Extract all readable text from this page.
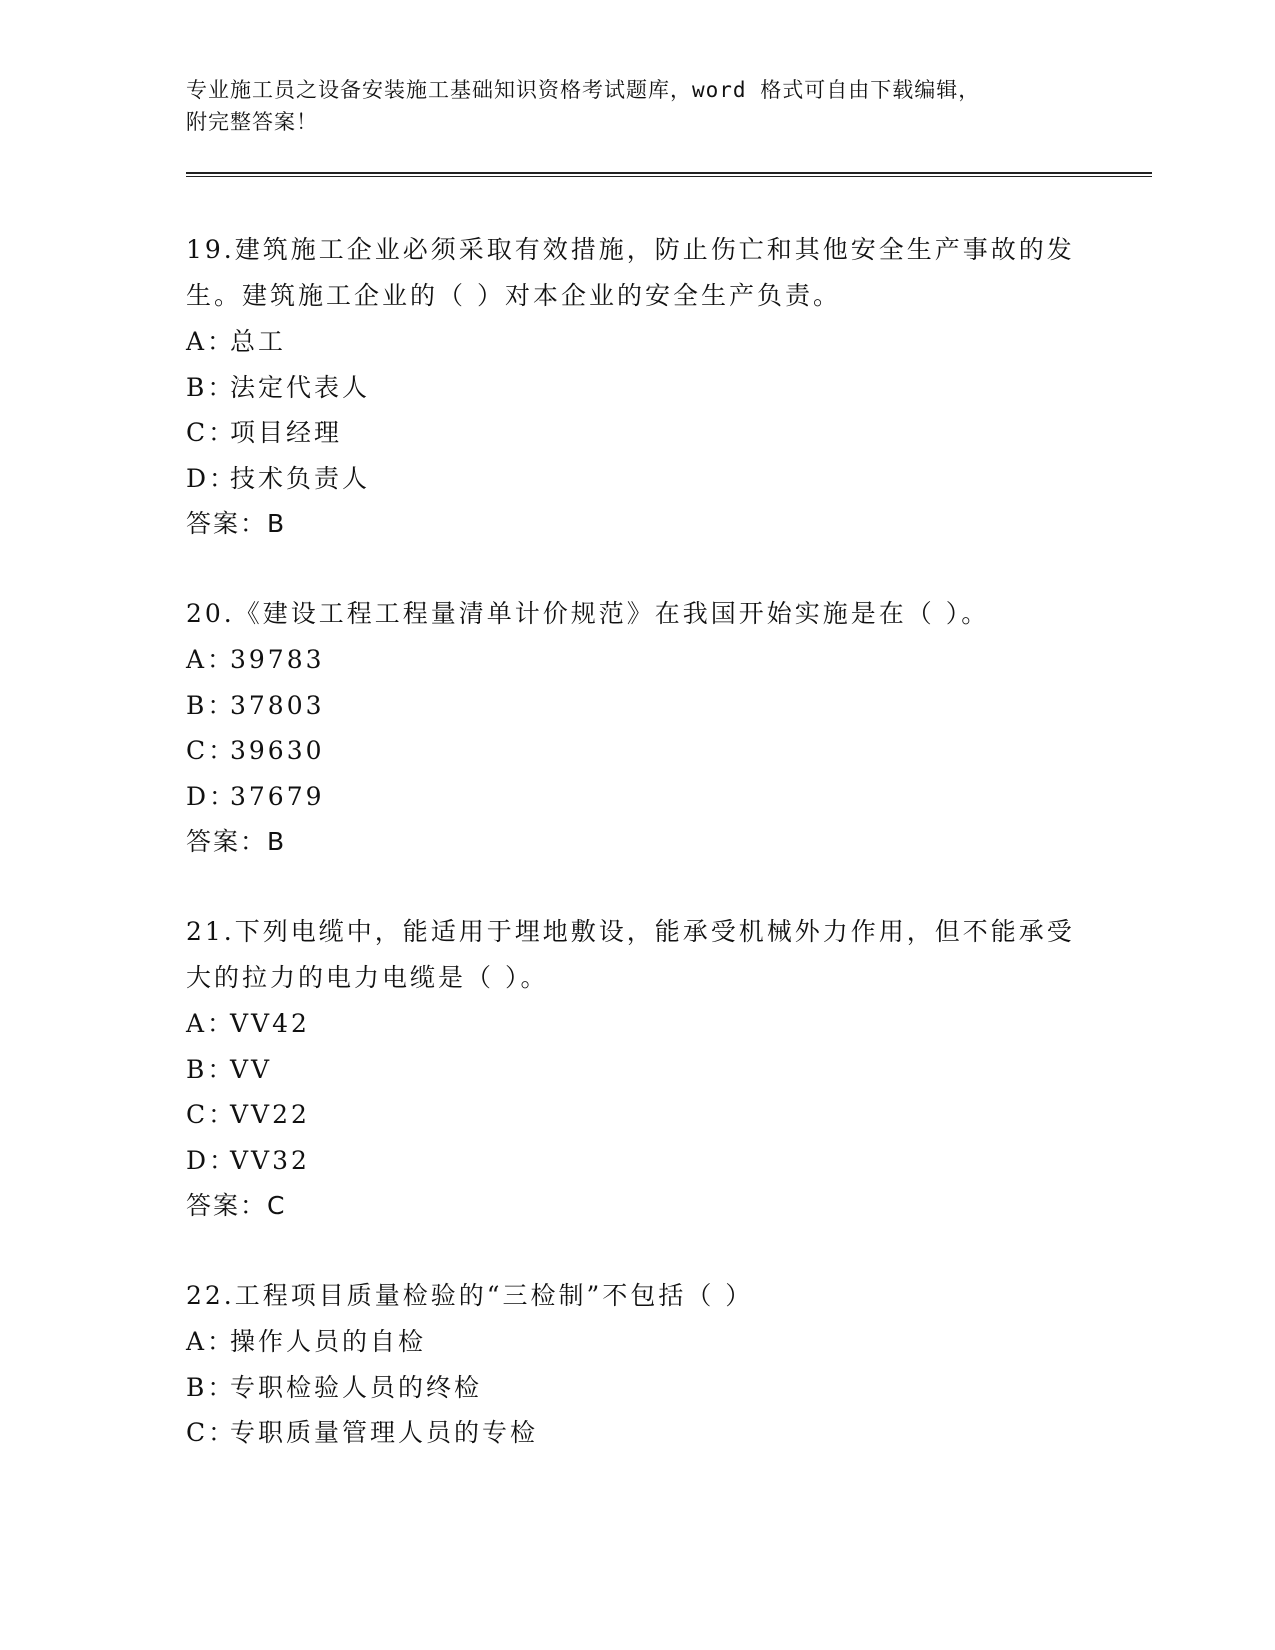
专业施工员之设备安装施工基础知识资格考试题库，word 格式可自由下载编辑，
附完整答案！

19.建筑施工企业必须采取有效措施，防止伤亡和其他安全生产事故的发生。建筑施工企业的（ ）对本企业的安全生产负责。

A：总工

B：法定代表人

C：项目经理

D：技术负责人

答案：B

20.《建设工程工程量清单计价规范》在我国开始实施是在（ ）。

A：39783

B：37803

C：39630

D：37679

答案：B

21.下列电缆中，能适用于埋地敷设，能承受机械外力作用，但不能承受大的拉力的电力电缆是（ ）。

A：VV42

B：VV

C：VV22

D：VV32

答案：C

22.工程项目质量检验的“三检制”不包括（ ）

A：操作人员的自检

B：专职检验人员的终检

C：专职质量管理人员的专检
